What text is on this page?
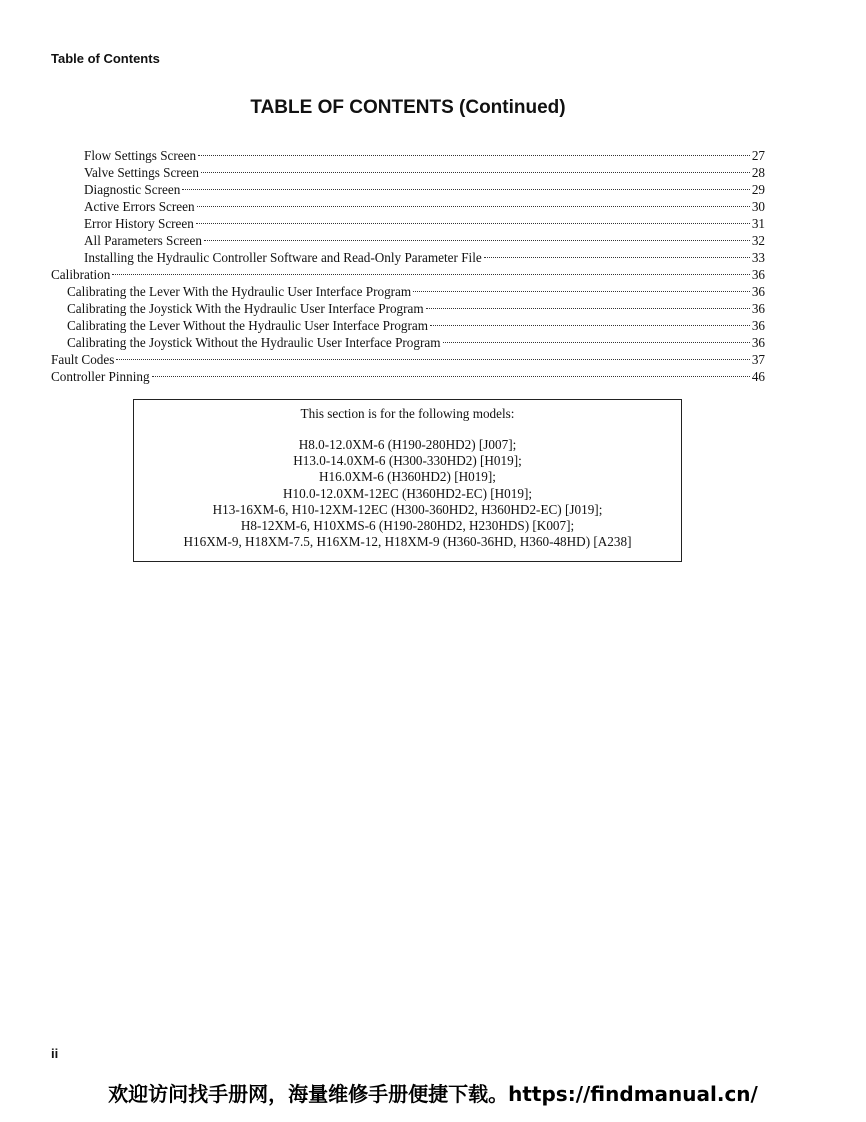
Table of Contents
TABLE OF CONTENTS (Continued)
Flow Settings Screen	27
Valve Settings Screen	28
Diagnostic Screen	29
Active Errors Screen	30
Error History Screen	31
All Parameters Screen	32
Installing the Hydraulic Controller Software and Read-Only Parameter File	33
Calibration	36
Calibrating the Lever With the Hydraulic User Interface Program	36
Calibrating the Joystick With the Hydraulic User Interface Program	36
Calibrating the Lever Without the Hydraulic User Interface Program	36
Calibrating the Joystick Without the Hydraulic User Interface Program	36
Fault Codes	37
Controller Pinning	46
This section is for the following models:
H8.0-12.0XM-6 (H190-280HD2) [J007];
H13.0-14.0XM-6 (H300-330HD2) [H019];
H16.0XM-6 (H360HD2) [H019];
H10.0-12.0XM-12EC (H360HD2-EC) [H019];
H13-16XM-6, H10-12XM-12EC (H300-360HD2, H360HD2-EC) [J019];
H8-12XM-6, H10XMS-6 (H190-280HD2, H230HDS) [K007];
H16XM-9, H18XM-7.5, H16XM-12, H18XM-9 (H360-36HD, H360-48HD) [A238]
ii
欢迎访问找手册网，海量维修手册便捷下载。https://findmanual.cn/
